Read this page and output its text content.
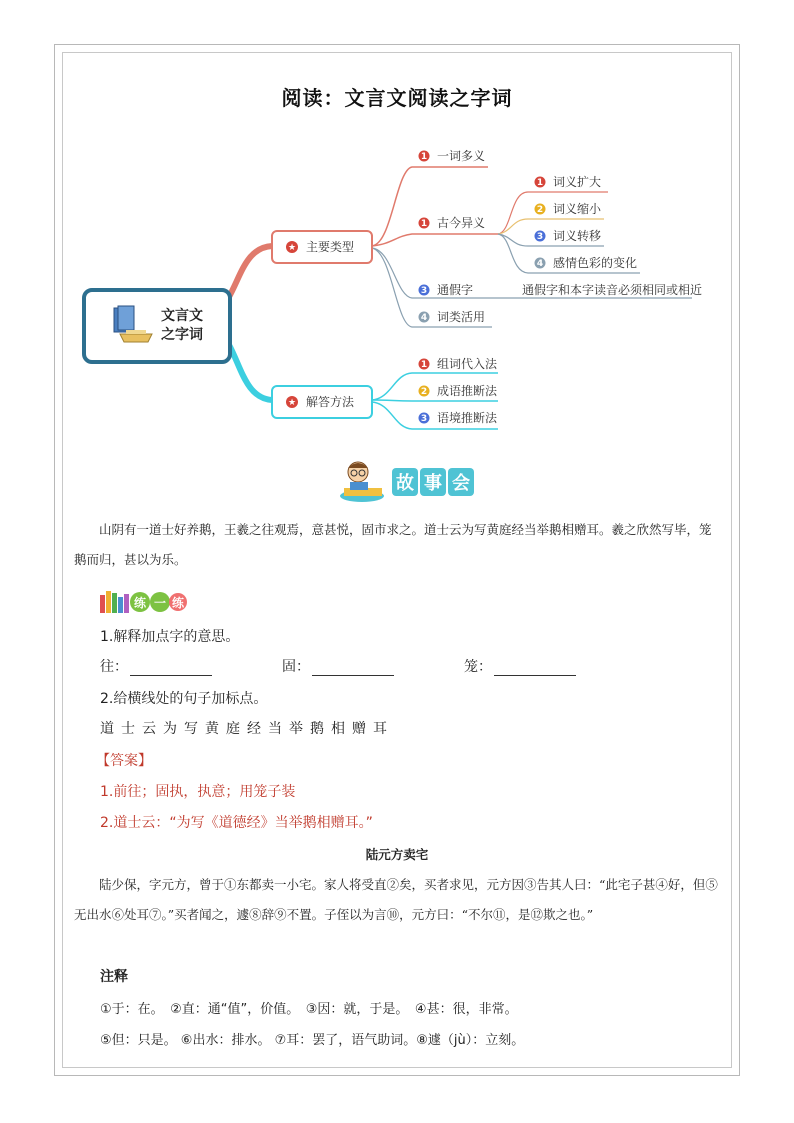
阅读：文言文阅读之字词
文言文
之字词
★ 主要类型
★ 解答方法
1 一词多义
1 古今异义
1 词义扩大
2 词义缩小
3 词义转移
4 感情色彩的变化
3 通假字	通假字和本字读音必须相同或相近
4 词类活用
1 组词代入法
2 成语推断法
3 语境推断法
故 事 会
山阴有一道士好养鹅，王羲之往观焉，意甚悦，固市求之。道士云为写黄庭经当举鹅相赠耳。羲之欣然写毕，笼鹅而归，甚以为乐。
练 一 练
1.解释加点字的意思。
往：	固：	笼：
2.给横线处的句子加标点。
道士云为写黄庭经当举鹅相赠耳
【答案】
1.前往；固执，执意；用笼子装
2.道士云：“为写《道德经》当举鹅相赠耳。”
陆元方卖宅
陆少保，字元方，曾于①东都卖一小宅。家人将受直②矣，买者求见，元方因③告其人曰：“此宅子甚④好，但⑤无出水⑥处耳⑦。”买者闻之，遽⑧辞⑨不置。子侄以为言⑩，元方曰：“不尔⑪，是⑫欺之也。”
注释
①于：在。　②直：通“值”，价值。　③因：就，于是。　④甚：很，非常。
⑤但：只是。 ⑥出水：排水。 ⑦耳：罢了，语气助词。⑧遽（jù）：立刻。
